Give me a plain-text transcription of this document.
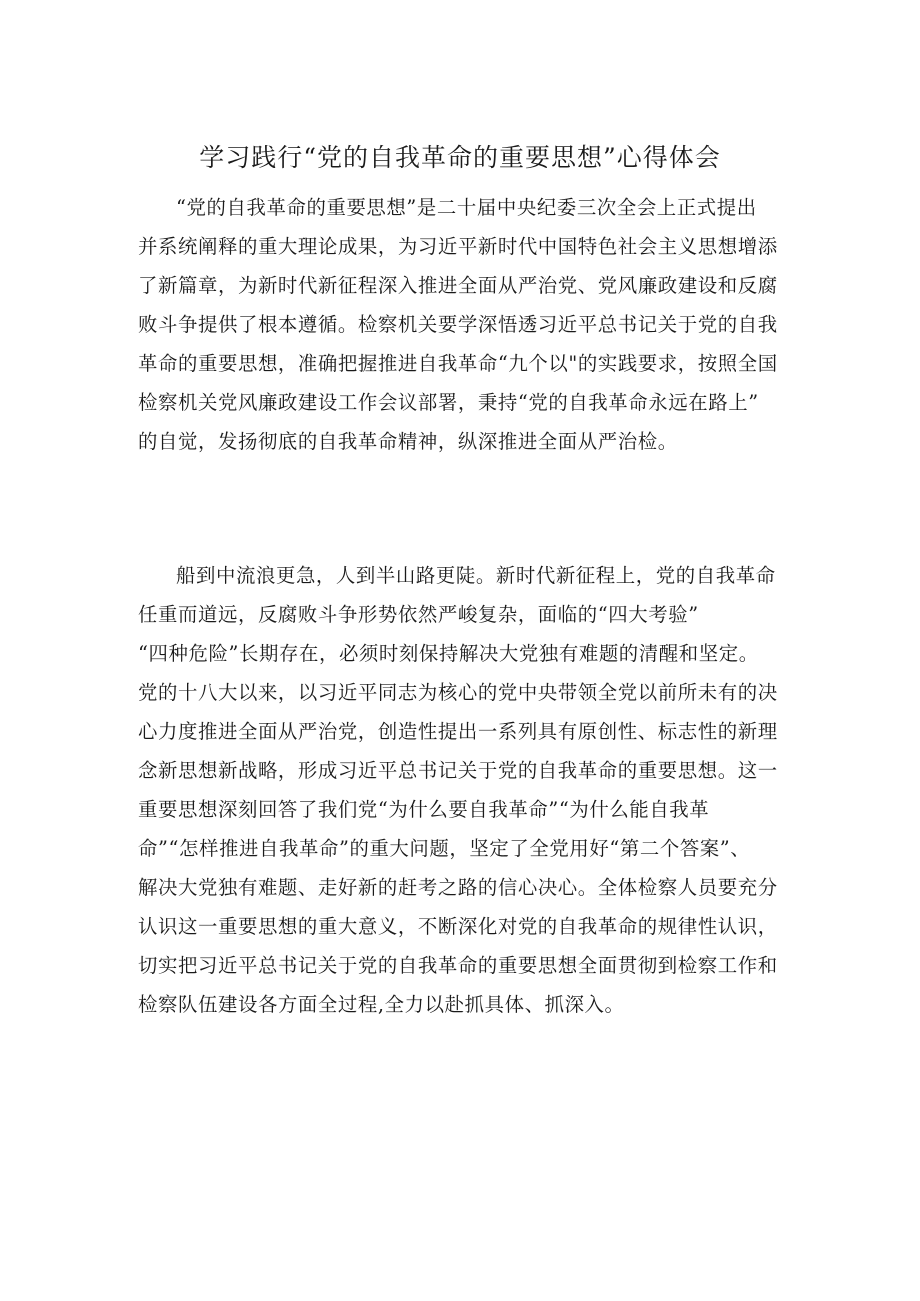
学习践行“党的自我革命的重要思想”心得体会
“党的自我革命的重要思想”是二十届中央纪委三次全会上正式提出
并系统阐释的重大理论成果，为习近平新时代中国特色社会主义思想增添
了新篇章，为新时代新征程深入推进全面从严治党、党风廉政建设和反腐
败斗争提供了根本遵循。检察机关要学深悟透习近平总书记关于党的自我
革命的重要思想，准确把握推进自我革命“九个以"的实践要求，按照全国
检察机关党风廉政建设工作会议部署，秉持“党的自我革命永远在路上”
的自觉，发扬彻底的自我革命精神，纵深推进全面从严治检。
船到中流浪更急，人到半山路更陡。新时代新征程上，党的自我革命
任重而道远，反腐败斗争形势依然严峻复杂，面临的“四大考验”
“四种危险”长期存在，必须时刻保持解决大党独有难题的清醒和坚定。
党的十八大以来，以习近平同志为核心的党中央带领全党以前所未有的决
心力度推进全面从严治党，创造性提出一系列具有原创性、标志性的新理
念新思想新战略，形成习近平总书记关于党的自我革命的重要思想。这一
重要思想深刻回答了我们党“为什么要自我革命”“为什么能自我革
命”“怎样推进自我革命”的重大问题，坚定了全党用好“第二个答案”、
解决大党独有难题、走好新的赶考之路的信心决心。全体检察人员要充分
认识这一重要思想的重大意义，不断深化对党的自我革命的规律性认识，
切实把习近平总书记关于党的自我革命的重要思想全面贯彻到检察工作和
检察队伍建设各方面全过程,全力以赴抓具体、抓深入。
